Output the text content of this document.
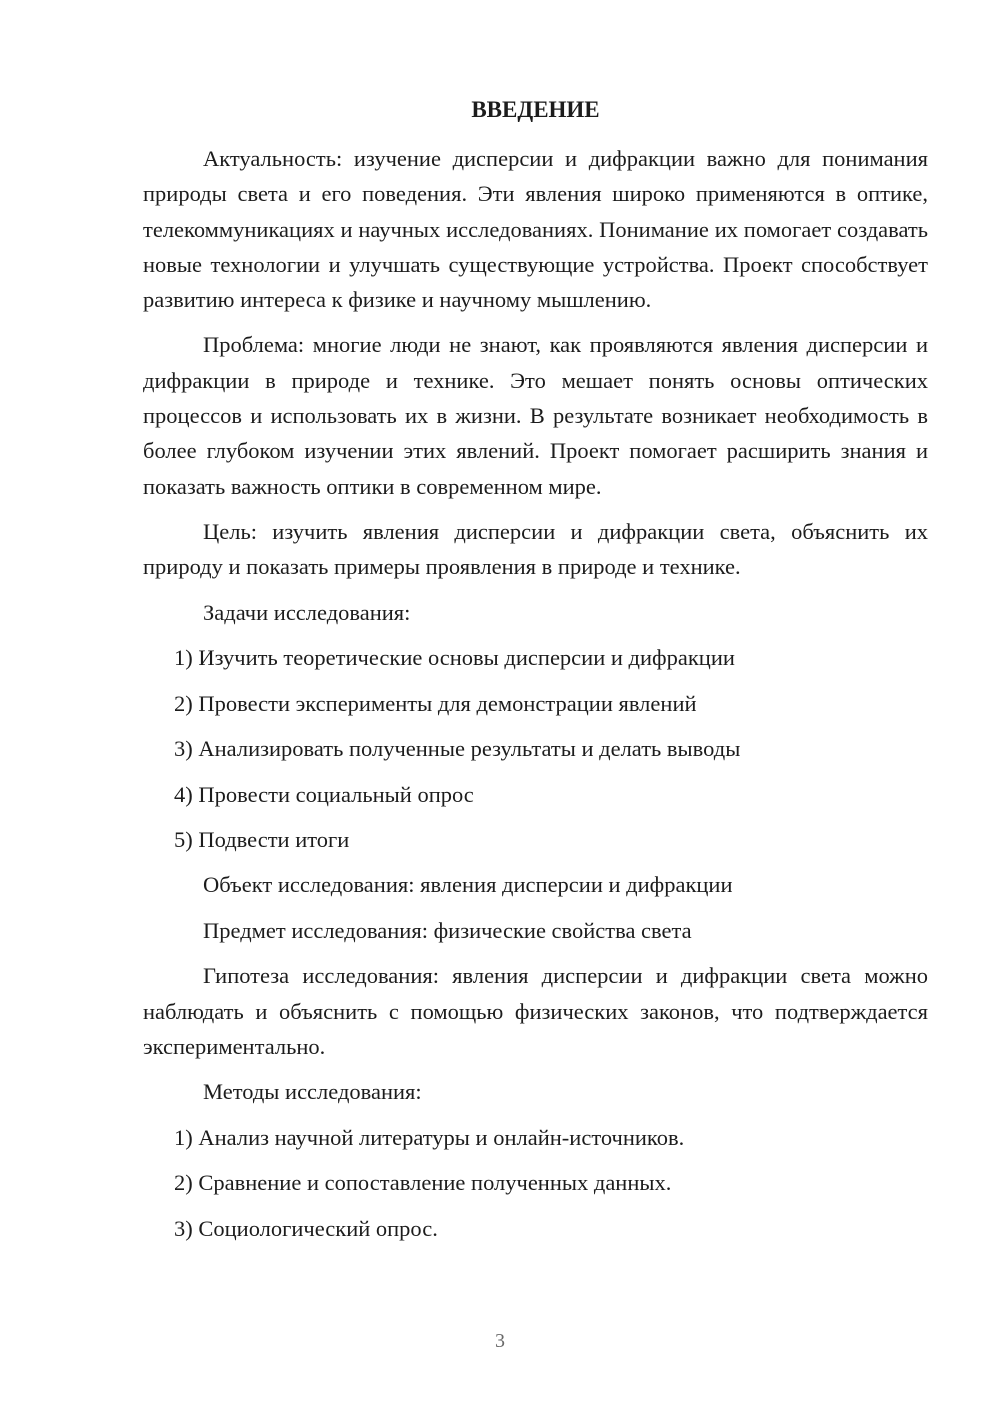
ВВЕДЕНИЕ

Актуальность: изучение дисперсии и дифракции важно для понимания природы света и его поведения. Эти явления широко применяются в оптике, телекоммуникациях и научных исследованиях. Понимание их помогает создавать новые технологии и улучшать существующие устройства. Проект способствует развитию интереса к физике и научному мышлению.

Проблема: многие люди не знают, как проявляются явления дисперсии и дифракции в природе и технике. Это мешает понять основы оптических процессов и использовать их в жизни. В результате возникает необходимость в более глубоком изучении этих явлений. Проект помогает расширить знания и показать важность оптики в современном мире.

Цель: изучить явления дисперсии и дифракции света, объяснить их природу и показать примеры проявления в природе и технике.

Задачи исследования:
1) Изучить теоретические основы дисперсии и дифракции
2) Провести эксперименты для демонстрации явлений
3) Анализировать полученные результаты и делать выводы
4) Провести социальный опрос
5) Подвести итоги
Объект исследования: явления дисперсии и дифракции
Предмет исследования: физические свойства света

Гипотеза исследования: явления дисперсии и дифракции света можно наблюдать и объяснить с помощью физических законов, что подтверждается экспериментально.

Методы исследования:
1) Анализ научной литературы и онлайн-источников.
2) Сравнение и сопоставление полученных данных.
3) Социологический опрос.
3
